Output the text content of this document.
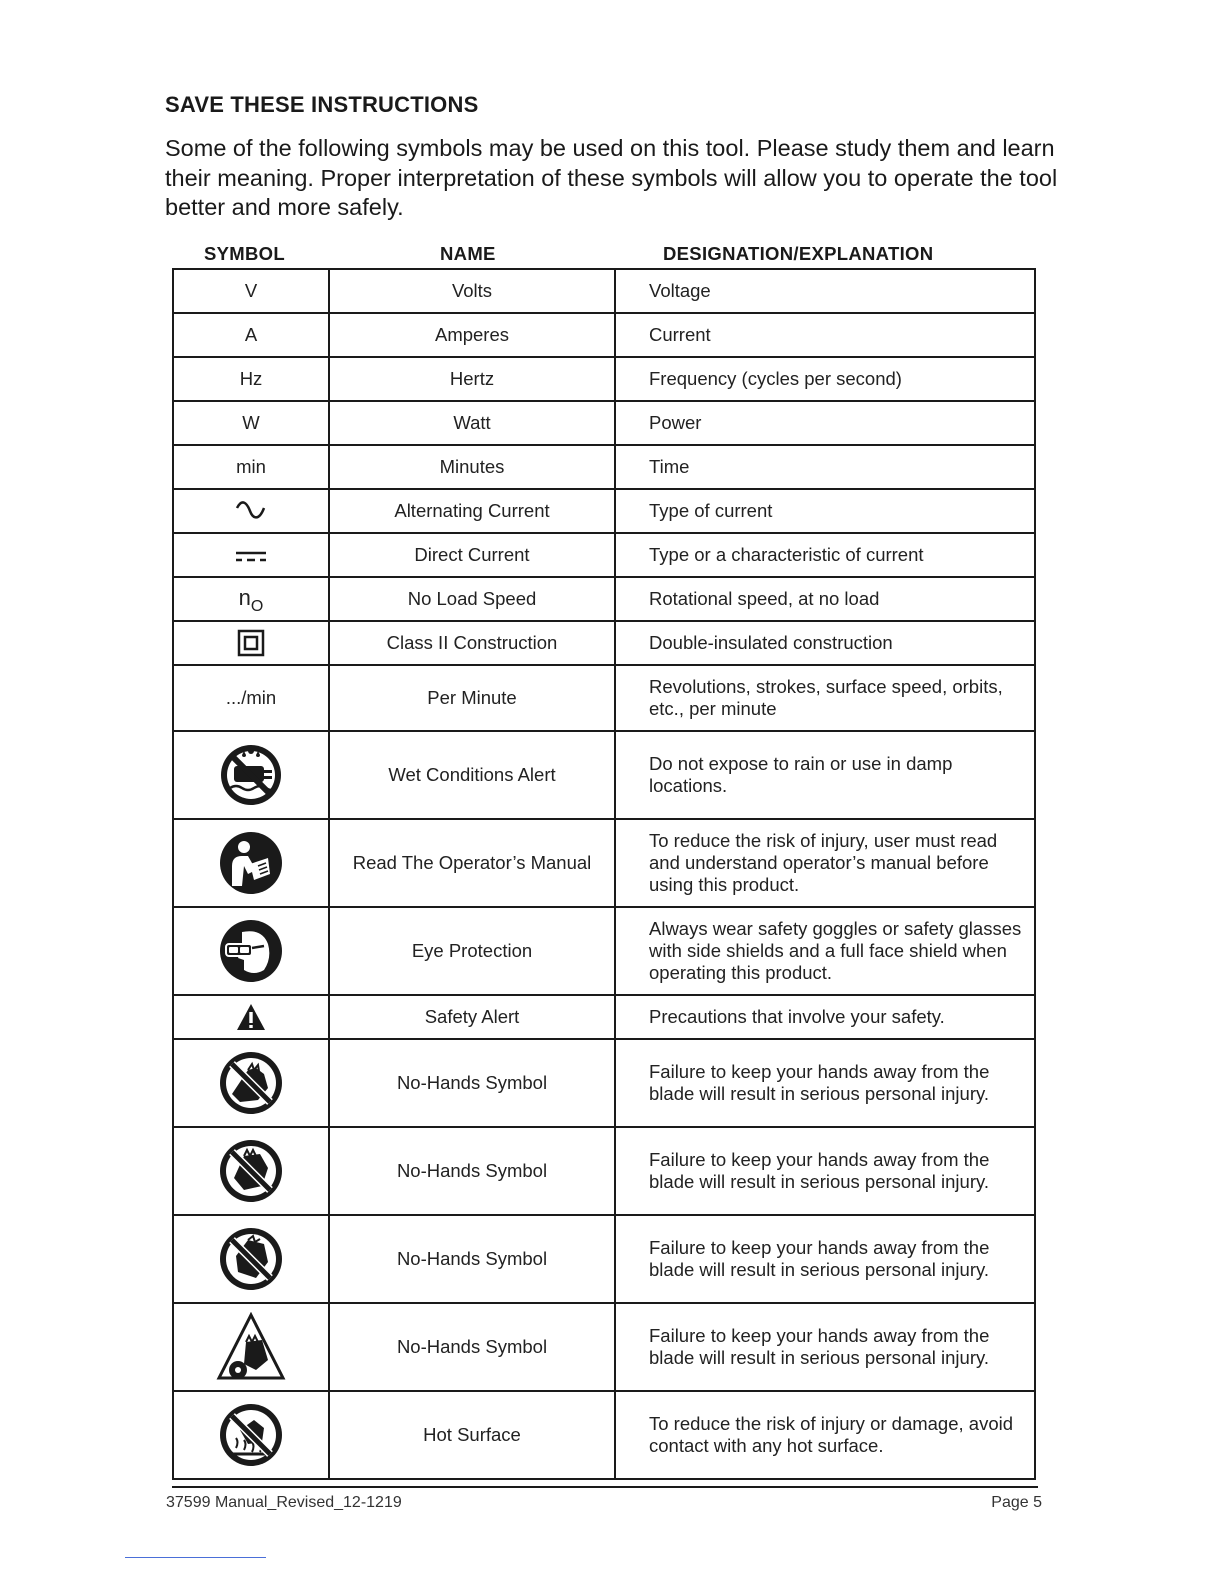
SAVE THESE INSTRUCTIONS

Some of the following symbols may be used on this tool. Please study them and learn their meaning. Proper interpretation of these symbols will allow you to operate the tool better and more safely.

SYMBOL	NAME	DESIGNATION/EXPLANATION
V	Volts	Voltage
A	Amperes	Current
Hz	Hertz	Frequency (cycles per second)
W	Watt	Power
min	Minutes	Time
	Alternating Current	Type of current
	Direct Current	Type or a characteristic of current
nO	No Load Speed	Rotational speed, at no load
	Class II Construction	Double-insulated construction
.../min	Per Minute	Revolutions, strokes, surface speed, orbits, etc., per minute
	Wet Conditions Alert	Do not expose to rain or use in damp locations.
	Read The Operator’s Manual	To reduce the risk of injury, user must read and understand operator’s manual before using this product.
	Eye Protection	Always wear safety goggles or safety glasses with side shields and a full face shield when operating this product.
	Safety Alert	Precautions that involve your safety.
	No-Hands Symbol	Failure to keep your hands away from the blade will result in serious personal injury.
	No-Hands Symbol	Failure to keep your hands away from the blade will result in serious personal injury.
	No-Hands Symbol	Failure to keep your hands away from the blade will result in serious personal injury.
	No-Hands Symbol	Failure to keep your hands away from the blade will result in serious personal injury.
	Hot Surface	To reduce the risk of injury or damage, avoid contact with any hot surface.
37599 Manual_Revised_12-1219	Page 5
